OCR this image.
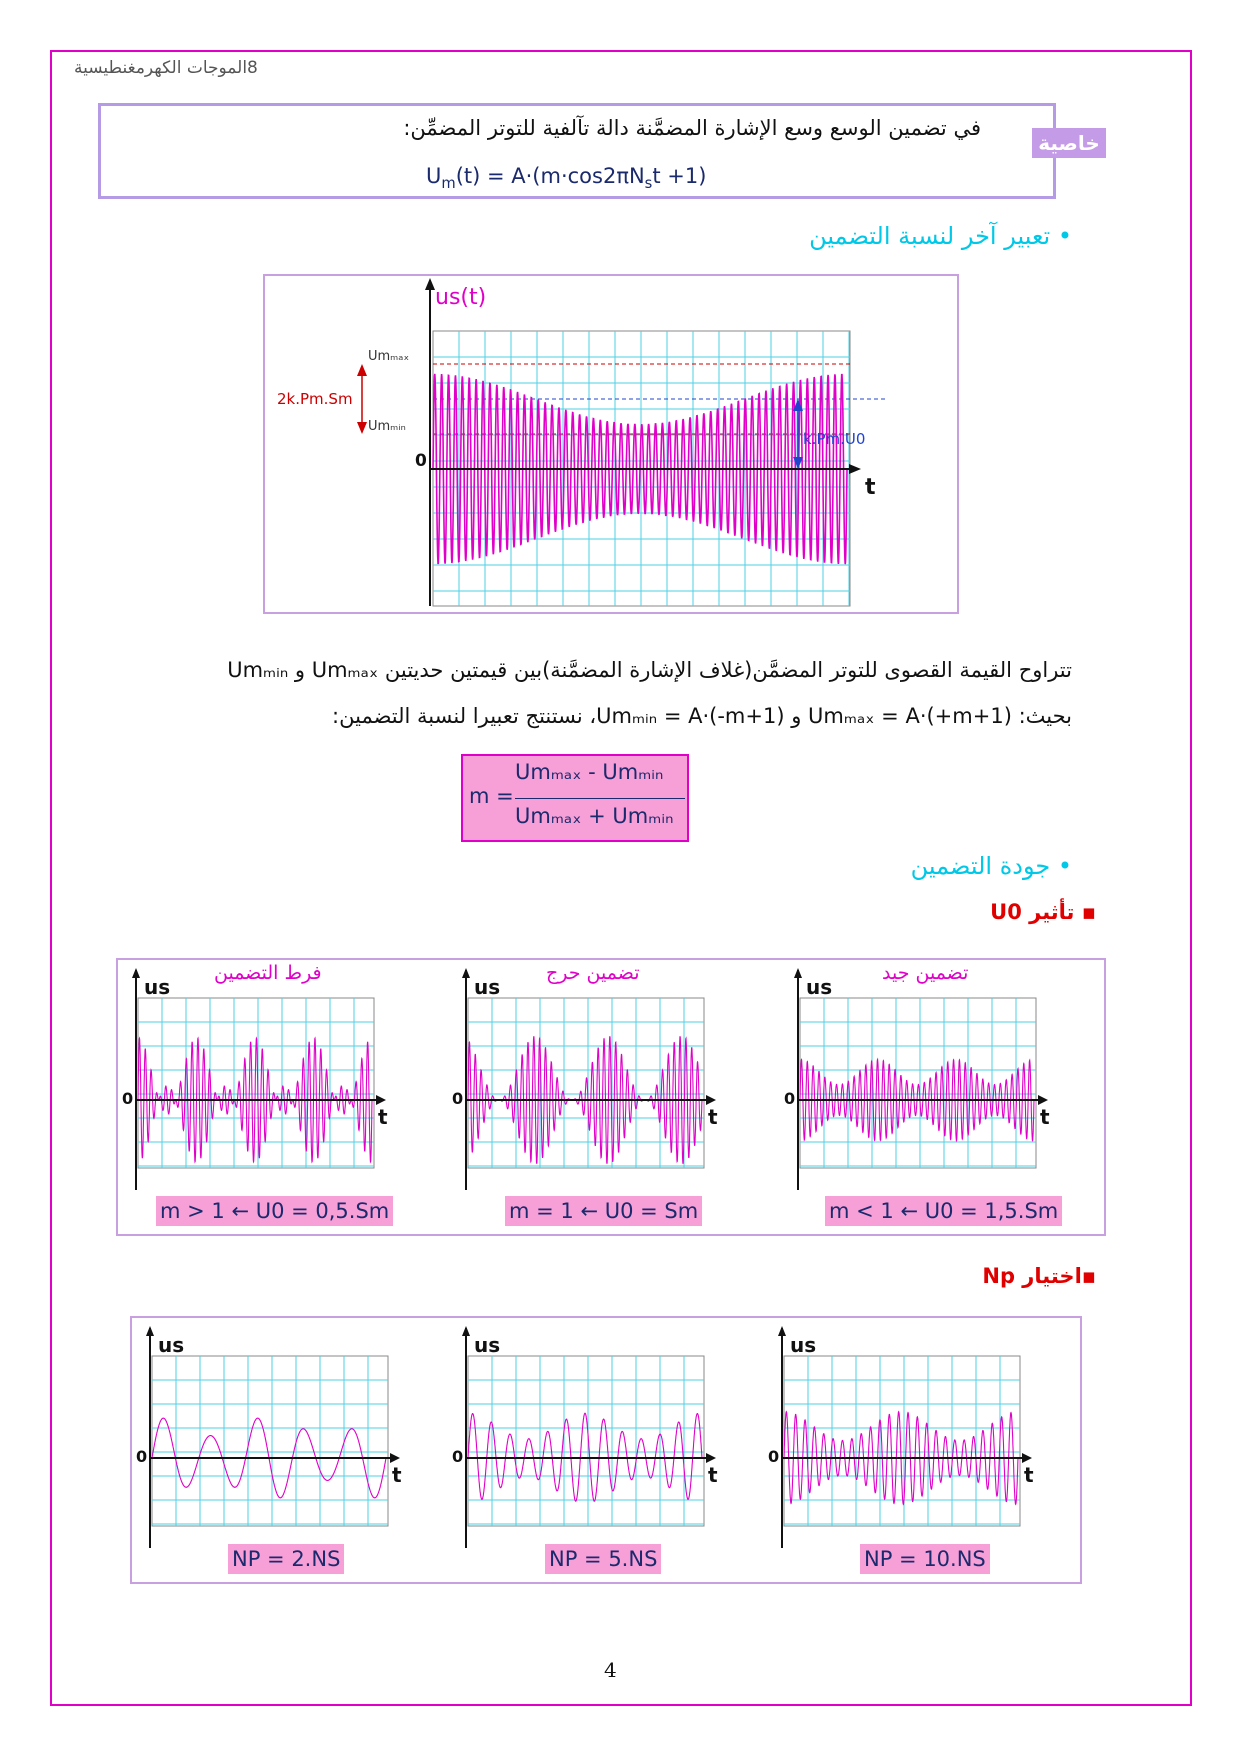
8الموجات الكهرمغنطيسية
في تضمين الوسع وسع الإشارة المضمَّنة دالة تآلفية للتوتر المضمِّن:
$U_m(t) = A\cdot(m\cdot\cos 2\pi N_st +1)$
خاصية
• تعبير آخر لنسبة التضمين
us(t)
Umₘₐₓ
Umₘᵢₙ
2k.Pm.Sm
k.Pm.U0
0
t
تتراوح القيمة القصوى للتوتر المضمَّن(غلاف الإشارة المضمَّنة)بين قيمتين حديتين Umₘₐₓ و Umₘᵢₙ
بحيث: Umₘₐₓ = A·(+m+1) و Umₘᵢₙ = A·(-m+1)، نستنتج تعبيرا لنسبة التضمين:
m =
Umₘₐₓ - Umₘᵢₙ
Umₘₐₓ + Umₘᵢₙ
• جودة التضمين
▪ تأثير U0
us
0
t
us
0
t
us
0
t
فرط التضمين	تضمين حرج	تضمين جيد
m > 1 ← U0 = 0,5.Sm	m = 1 ← U0 = Sm	m < 1 ← U0 = 1,5.Sm
▪اختيار Np
us
0
t
us
0
t
us
0
t
NP = 2.NS	NP = 5.NS	NP = 10.NS
4
